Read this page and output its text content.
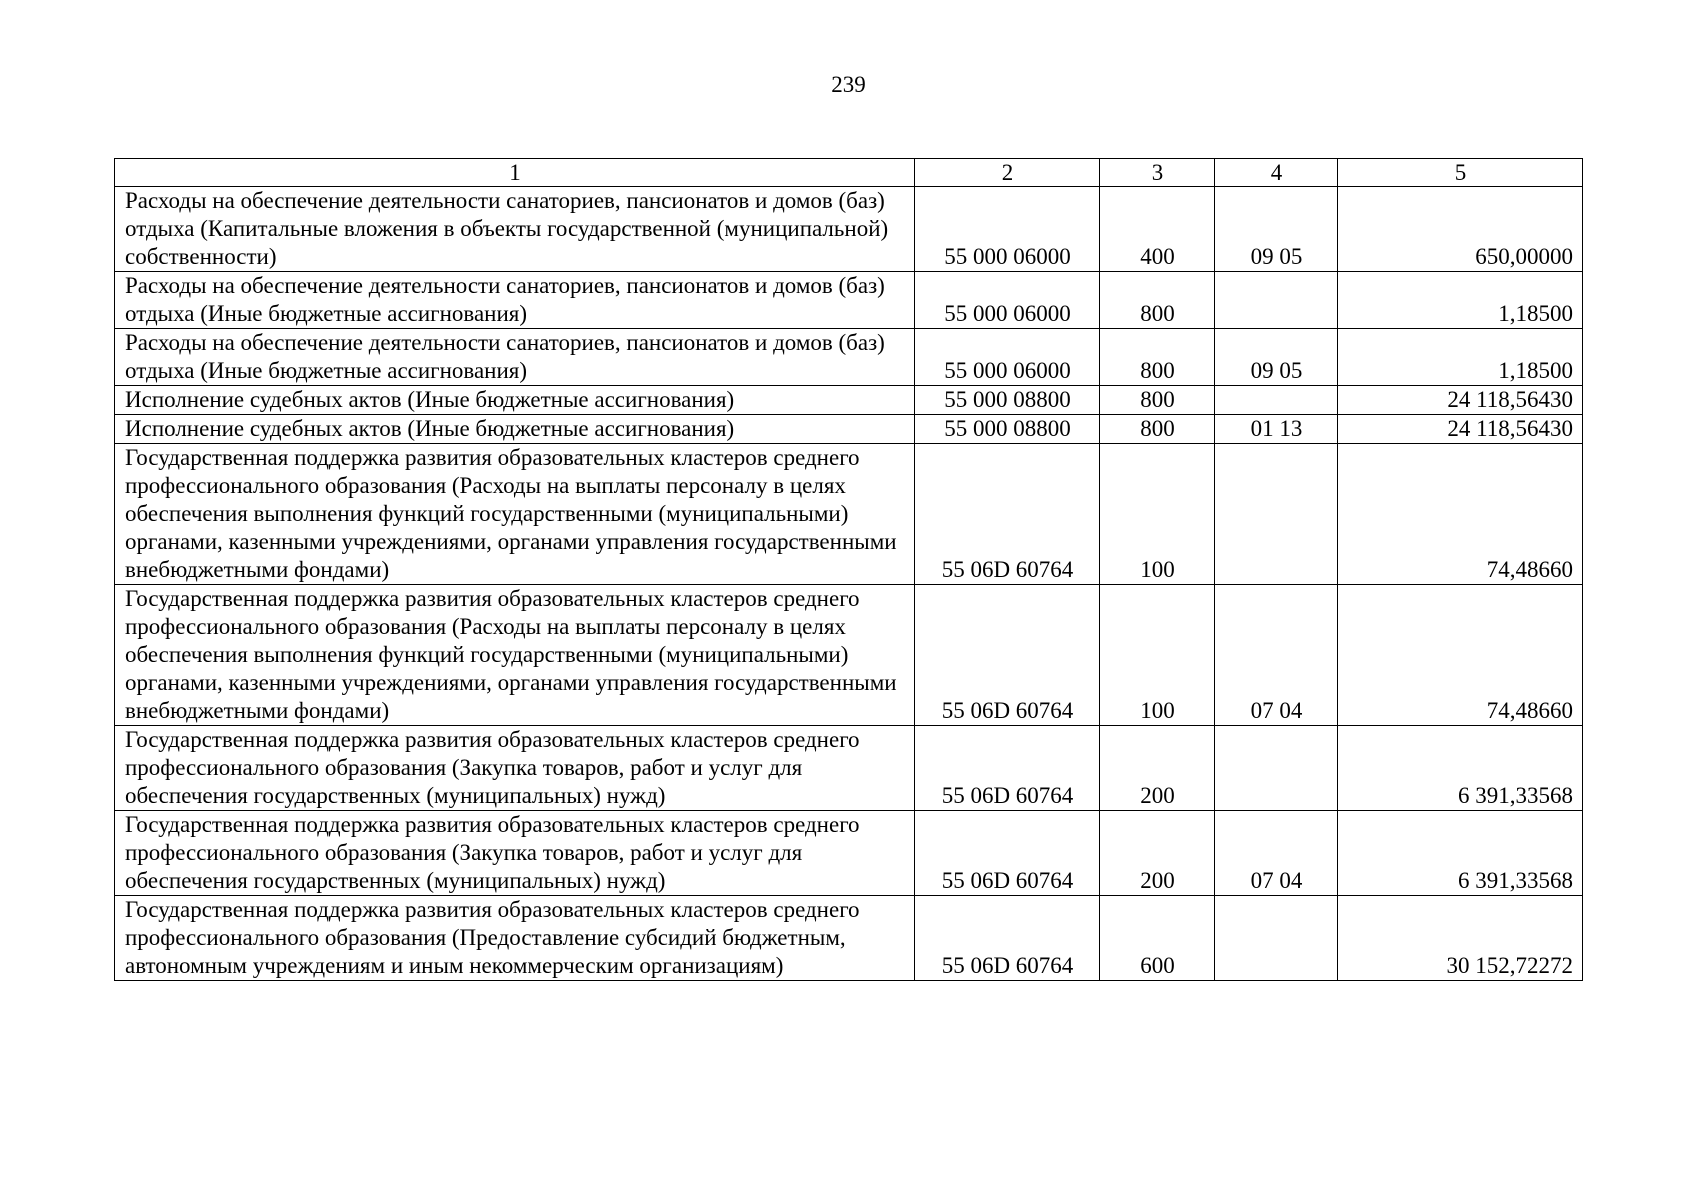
239
1	2	3	4	5
Расходы на обеспечение деятельности санаториев, пансионатов и домов (баз) отдыха (Капитальные вложения в объекты государственной (муниципальной) собственности)	55 000 06000	400	09 05	650,00000
Расходы на обеспечение деятельности санаториев, пансионатов и домов (баз) отдыха (Иные бюджетные ассигнования)	55 000 06000	800		1,18500
Расходы на обеспечение деятельности санаториев, пансионатов и домов (баз) отдыха (Иные бюджетные ассигнования)	55 000 06000	800	09 05	1,18500
Исполнение судебных актов (Иные бюджетные ассигнования)	55 000 08800	800		24 118,56430
Исполнение судебных актов (Иные бюджетные ассигнования)	55 000 08800	800	01 13	24 118,56430
Государственная поддержка развития образовательных кластеров среднего профессионального образования (Расходы на выплаты персоналу в целях обеспечения выполнения функций государственными (муниципальными) органами, казенными учреждениями, органами управления государственными внебюджетными фондами)	55 06D 60764	100		74,48660
Государственная поддержка развития образовательных кластеров среднего профессионального образования (Расходы на выплаты персоналу в целях обеспечения выполнения функций государственными (муниципальными) органами, казенными учреждениями, органами управления государственными внебюджетными фондами)	55 06D 60764	100	07 04	74,48660
Государственная поддержка развития образовательных кластеров среднего профессионального образования (Закупка товаров, работ и услуг для обеспечения государственных (муниципальных) нужд)	55 06D 60764	200		6 391,33568
Государственная поддержка развития образовательных кластеров среднего профессионального образования (Закупка товаров, работ и услуг для обеспечения государственных (муниципальных) нужд)	55 06D 60764	200	07 04	6 391,33568
Государственная поддержка развития образовательных кластеров среднего профессионального образования (Предоставление субсидий бюджетным, автономным учреждениям и иным некоммерческим организациям)	55 06D 60764	600		30 152,72272
